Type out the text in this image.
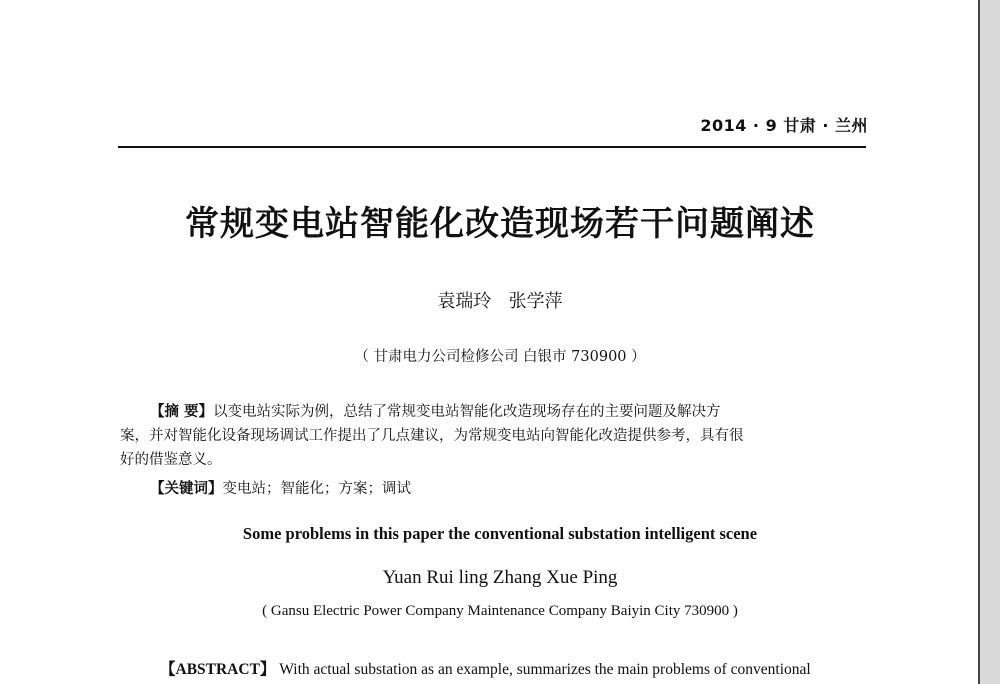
2014 · 9 甘肃 · 兰州
常规变电站智能化改造现场若干问题阐述
袁瑞玲   张学萍
（ 甘肃电力公司检修公司 白银市 730900 ）
【摘 要】以变电站实际为例，总结了常规变电站智能化改造现场存在的主要问题及解决方
案，并对智能化设备现场调试工作提出了几点建议，为常规变电站向智能化改造提供参考，具有很
好的借鉴意义。
【关键词】变电站；智能化；方案；调试
Some problems in this paper the conventional substation intelligent scene
Yuan Rui ling Zhang Xue Ping
( Gansu Electric Power Company Maintenance Company Baiyin City 730900 )
【ABSTRACT】 With actual substation as an example, summarizes the main problems of conventional
